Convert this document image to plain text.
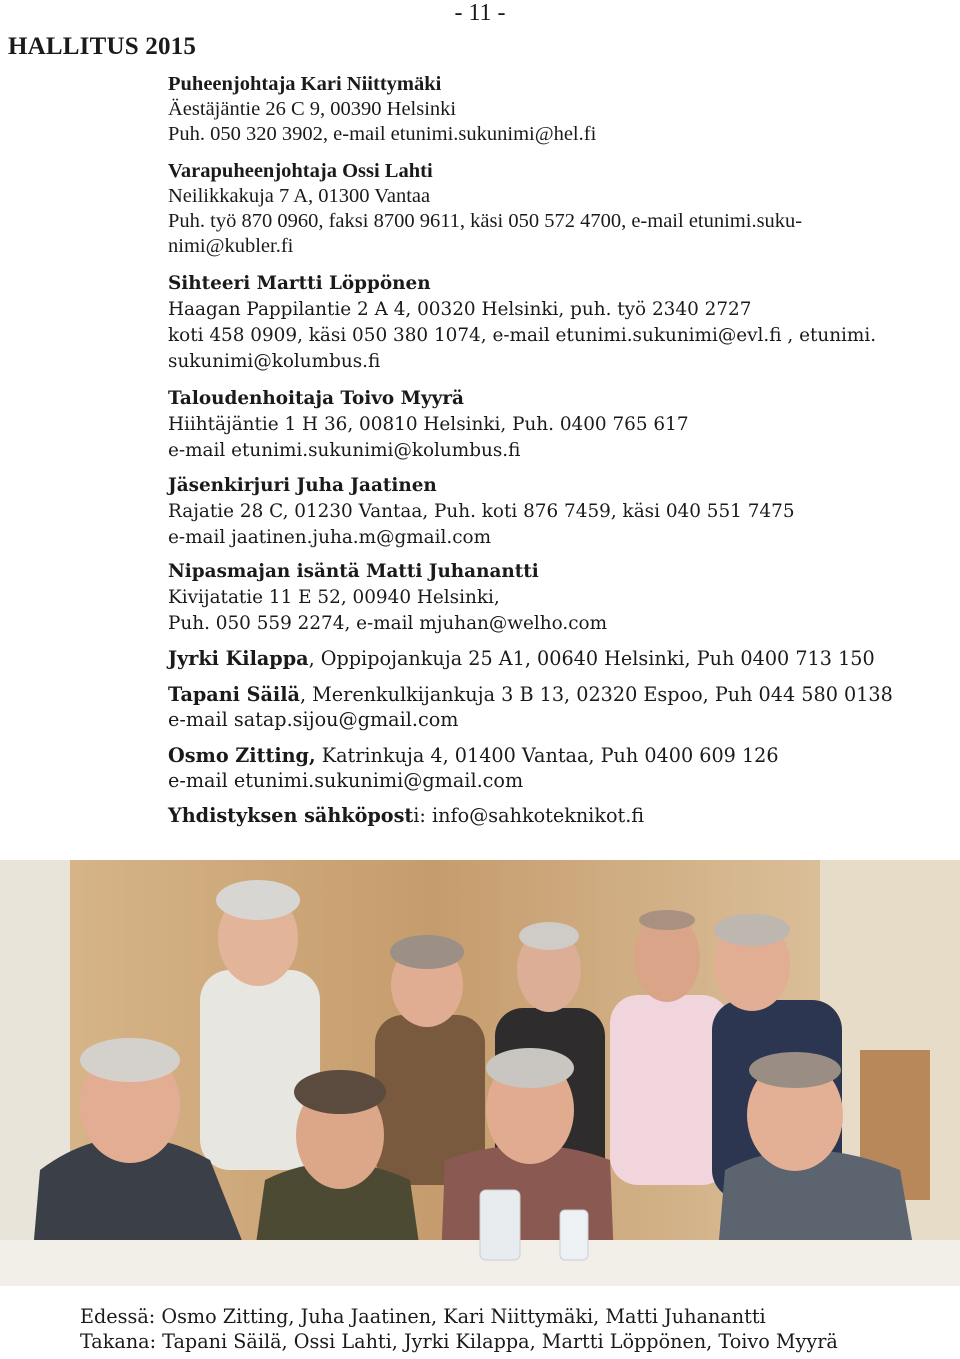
- 11 -
HALLITUS 2015
Puheenjohtaja Kari Niittymäki
Äestäjäntie 26 C 9, 00390 Helsinki
Puh. 050 320 3902, e-mail etunimi.sukunimi@hel.fi
Varapuheenjohtaja Ossi Lahti
Neilikkakuja 7 A, 01300 Vantaa
Puh. työ 870 0960, faksi 8700 9611, käsi 050 572 4700, e-mail etunimi.suku-
nimi@kubler.fi
Sihteeri Martti Löppönen
Haagan Pappilantie 2 A 4, 00320 Helsinki, puh. työ 2340 2727
koti 458 0909, käsi 050 380 1074, e-mail etunimi.sukunimi@evl.fi , etunimi.
sukunimi@kolumbus.fi
Taloudenhoitaja Toivo Myyrä
Hiihtäjäntie 1 H 36, 00810 Helsinki, Puh. 0400 765 617
e-mail etunimi.sukunimi@kolumbus.fi
Jäsenkirjuri Juha Jaatinen
Rajatie 28 C, 01230 Vantaa, Puh. koti 876 7459, käsi 040 551 7475
e-mail jaatinen.juha.m@gmail.com
Nipasmajan isäntä Matti Juhanantti
Kivijatatie 11 E 52, 00940 Helsinki,
Puh. 050 559 2274, e-mail mjuhan@welho.com
Jyrki Kilappa, Oppipojankuja 25 A1, 00640 Helsinki, Puh 0400 713 150
Tapani Säilä, Merenkulkijankuja 3 B 13, 02320 Espoo, Puh 044 580 0138
e-mail satap.sijou@gmail.com
Osmo Zitting, Katrinkuja 4, 01400 Vantaa, Puh 0400 609 126
e-mail etunimi.sukunimi@gmail.com
Yhdistyksen sähköposti: info@sahkoteknikot.fi
Edessä: Osmo Zitting, Juha Jaatinen, Kari Niittymäki, Matti Juhanantti
Takana: Tapani Säilä, Ossi Lahti, Jyrki Kilappa, Martti Löppönen, Toivo Myyrä
